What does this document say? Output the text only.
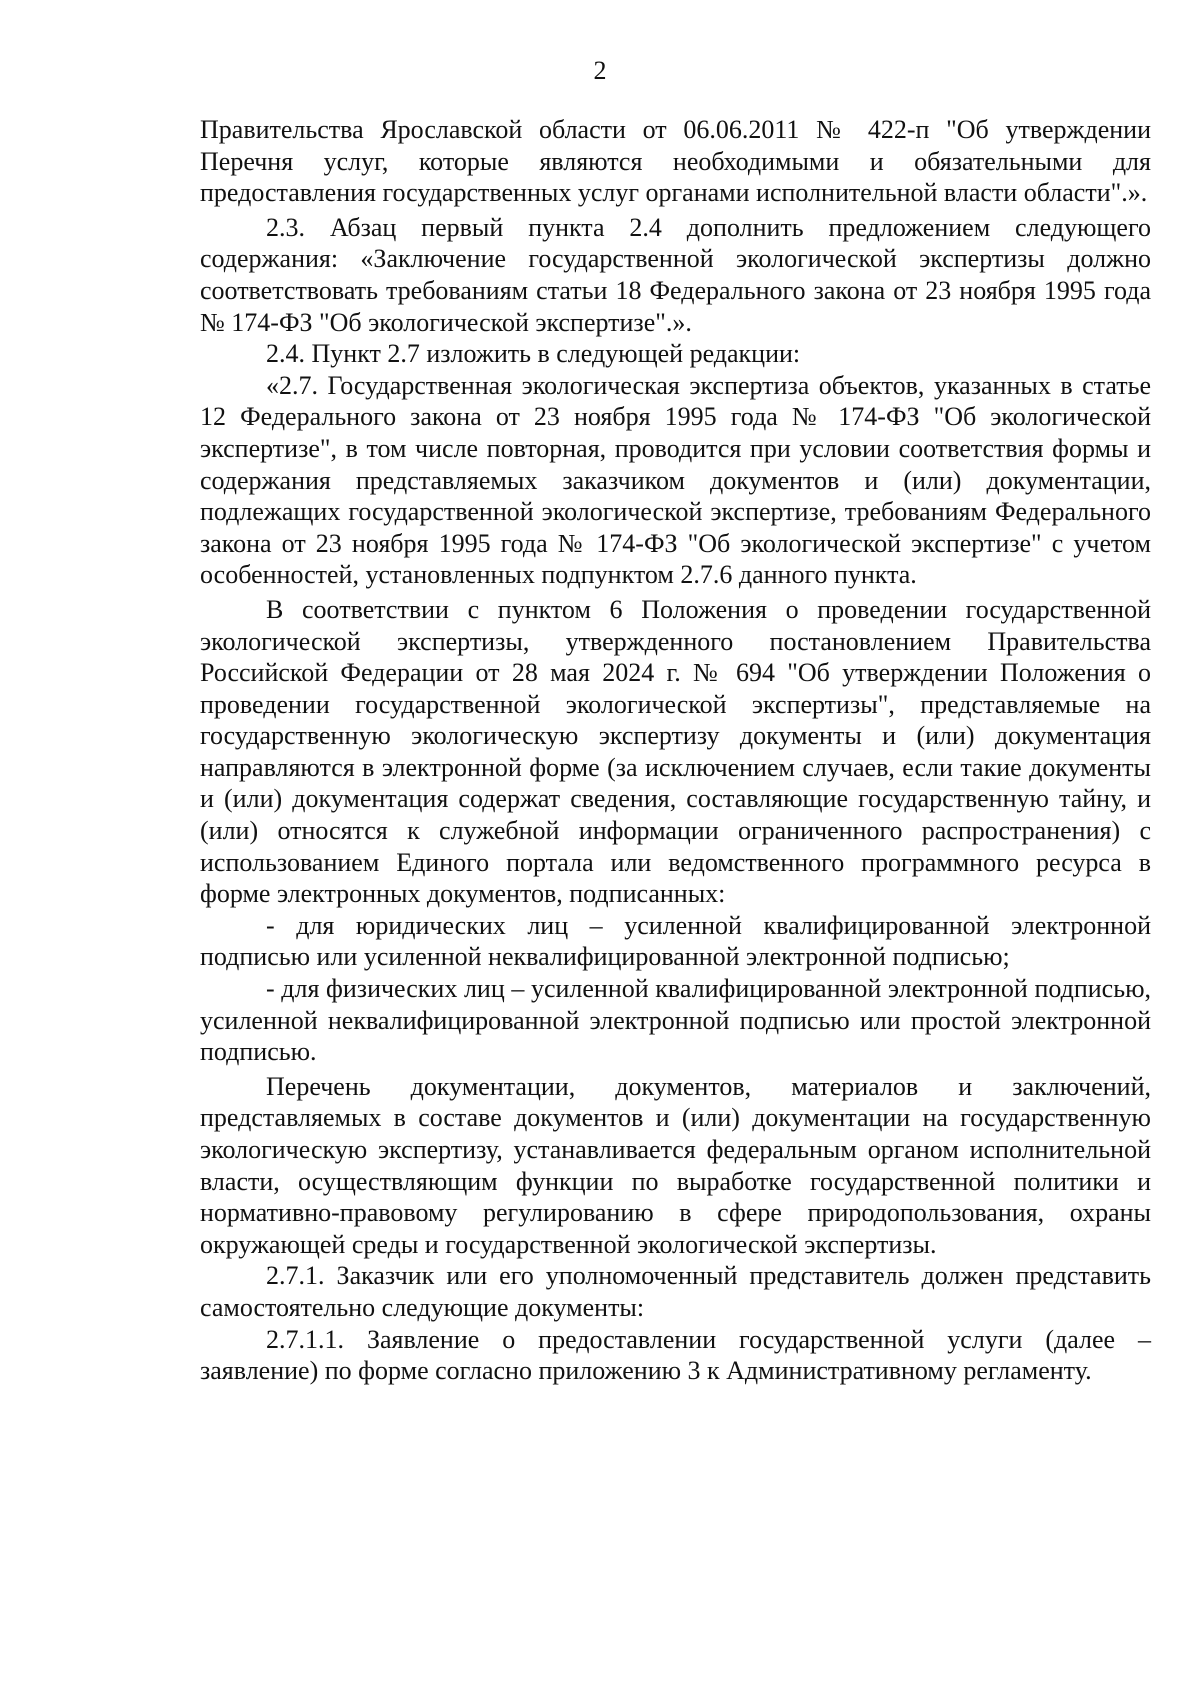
2

Правительства Ярославской области от 06.06.2011 № 422-п "Об утверждении Перечня услуг, которые являются необходимыми и обязательными для предоставления государственных услуг органами исполнительной власти области".».

2.3. Абзац первый пункта 2.4 дополнить предложением следующего содержания: «Заключение государственной экологической экспертизы должно соответствовать требованиям статьи 18 Федерального закона от 23 ноября 1995 года № 174-ФЗ "Об экологической экспертизе".».

2.4. Пункт 2.7 изложить в следующей редакции:

«2.7. Государственная экологическая экспертиза объектов, указанных в статье 12 Федерального закона от 23 ноября 1995 года № 174-ФЗ "Об экологической экспертизе", в том числе повторная, проводится при условии соответствия формы и содержания представляемых заказчиком документов и (или) документации, подлежащих государственной экологической экспертизе, требованиям Федерального закона от 23 ноября 1995 года № 174-ФЗ "Об экологической экспертизе" с учетом особенностей, установленных подпунктом 2.7.6 данного пункта.

В соответствии с пунктом 6 Положения о проведении государственной экологической экспертизы, утвержденного постановлением Правительства Российской Федерации от 28 мая 2024 г. № 694 "Об утверждении Положения о проведении государственной экологической экспертизы", представляемые на государственную экологическую экспертизу документы и (или) документация направляются в электронной форме (за исключением случаев, если такие документы и (или) документация содержат сведения, составляющие государственную тайну, и (или) относятся к служебной информации ограниченного распространения) с использованием Единого портала или ведомственного программного ресурса в форме электронных документов, подписанных:

- для юридических лиц – усиленной квалифицированной электронной подписью или усиленной неквалифицированной электронной подписью;

- для физических лиц – усиленной квалифицированной электронной подписью, усиленной неквалифицированной электронной подписью или простой электронной подписью.

Перечень документации, документов, материалов и заключений, представляемых в составе документов и (или) документации на государственную экологическую экспертизу, устанавливается федеральным органом исполнительной власти, осуществляющим функции по выработке государственной политики и нормативно-правовому регулированию в сфере природопользования, охраны окружающей среды и государственной экологической экспертизы.

2.7.1. Заказчик или его уполномоченный представитель должен представить самостоятельно следующие документы:

2.7.1.1. Заявление о предоставлении государственной услуги (далее – заявление) по форме согласно приложению 3 к Административному регламенту.
